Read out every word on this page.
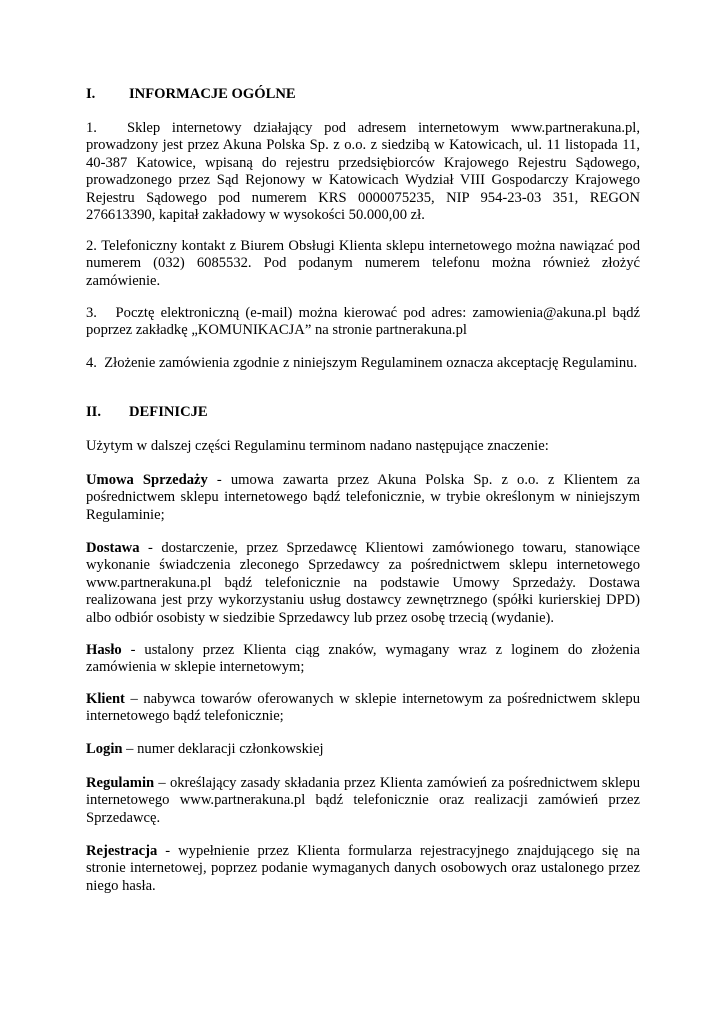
I. INFORMACJE OGÓLNE

1. Sklep internetowy działający pod adresem internetowym www.partnerakuna.pl, prowadzony jest przez Akuna Polska Sp. z o.o. z siedzibą w Katowicach, ul. 11 listopada 11, 40-387 Katowice, wpisaną do rejestru przedsiębiorców Krajowego Rejestru Sądowego, prowadzonego przez Sąd Rejonowy w Katowicach Wydział VIII Gospodarczy Krajowego Rejestru Sądowego pod numerem KRS 0000075235, NIP 954-23-03 351, REGON 276613390, kapitał zakładowy w wysokości 50.000,00 zł.

2. Telefoniczny kontakt z Biurem Obsługi Klienta sklepu internetowego można nawiązać pod numerem (032) 6085532. Pod podanym numerem telefonu można również złożyć zamówienie.

3. Pocztę elektroniczną (e-mail) można kierować pod adres: zamowienia@akuna.pl bądź poprzez zakładkę „KOMUNIKACJA” na stronie partnerakuna.pl

4. Złożenie zamówienia zgodnie z niniejszym Regulaminem oznacza akceptację Regulaminu.

II. DEFINICJE

Użytym w dalszej części Regulaminu terminom nadano następujące znaczenie:

Umowa Sprzedaży - umowa zawarta przez Akuna Polska Sp. z o.o. z Klientem za pośrednictwem sklepu internetowego bądź telefonicznie, w trybie określonym w niniejszym Regulaminie;

Dostawa - dostarczenie, przez Sprzedawcę Klientowi zamówionego towaru, stanowiące wykonanie świadczenia zleconego Sprzedawcy za pośrednictwem sklepu internetowego www.partnerakuna.pl bądź telefonicznie na podstawie Umowy Sprzedaży. Dostawa realizowana jest przy wykorzystaniu usług dostawcy zewnętrznego (spółki kurierskiej DPD) albo odbiór osobisty w siedzibie Sprzedawcy lub przez osobę trzecią (wydanie).

Hasło - ustalony przez Klienta ciąg znaków, wymagany wraz z loginem do złożenia zamówienia w sklepie internetowym;

Klient – nabywca towarów oferowanych w sklepie internetowym za pośrednictwem sklepu internetowego bądź telefonicznie;

Login – numer deklaracji członkowskiej

Regulamin – określający zasady składania przez Klienta zamówień za pośrednictwem sklepu internetowego www.partnerakuna.pl bądź telefonicznie oraz realizacji zamówień przez Sprzedawcę.

Rejestracja - wypełnienie przez Klienta formularza rejestracyjnego znajdującego się na stronie internetowej, poprzez podanie wymaganych danych osobowych oraz ustalonego przez niego hasła.
